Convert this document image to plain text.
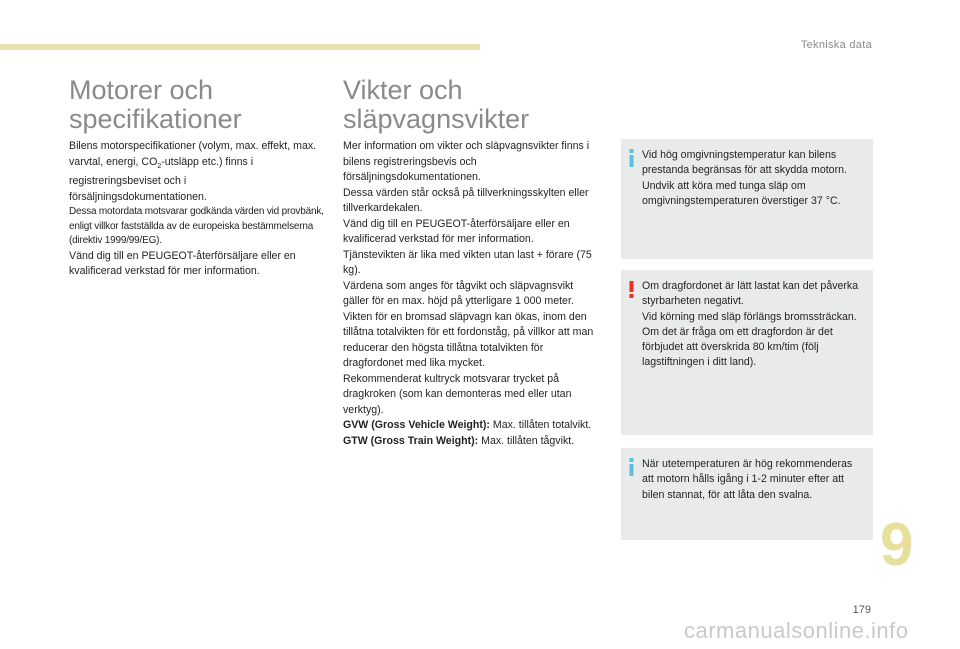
Tekniska data
Motorer och
specifikationer

Bilens motorspecifikationer (volym, max. effekt, max. varvtal, energi, $CO_2$-utsläpp etc.) finns i registreringsbeviset och i försäljningsdokumentationen.

Dessa motordata motsvarar godkända värden vid provbänk, enligt villkor fastställda av de europeiska bestämmelserna (direktiv 1999/99/EG).

Vänd dig till en PEUGEOT-återförsäljare eller en kvalificerad verkstad för mer information.

Vikter och
släpvagnsvikter

Mer information om vikter och släpvagnsvikter finns i bilens registreringsbevis och försäljningsdokumentationen.

Dessa värden står också på tillverkningsskylten eller tillverkardekalen.

Vänd dig till en PEUGEOT-återförsäljare eller en kvalificerad verkstad för mer information.

Tjänstevikten är lika med vikten utan last + förare (75 kg).

Värdena som anges för tågvikt och släpvagnsvikt gäller för en max. höjd på ytterligare 1 000 meter.

Vikten för en bromsad släpvagn kan ökas, inom den tillåtna totalvikten för ett fordonståg, på villkor att man reducerar den högsta tillåtna totalvikten för dragfordonet med lika mycket.

Rekommenderat kultryck motsvarar trycket på dragkroken (som kan demonteras med eller utan verktyg).

GVW (Gross Vehicle Weight): Max. tillåten totalvikt.

GTW (Gross Train Weight): Max. tillåten tågvikt.

Vid hög omgivningstemperatur kan bilens prestanda begränsas för att skydda motorn. Undvik att köra med tunga släp om omgivningstemperaturen överstiger 37 °C.

Om dragfordonet är lätt lastat kan det påverka styrbarheten negativt.

Vid körning med släp förlängs bromssträckan.

Om det är fråga om ett dragfordon är det förbjudet att överskrida 80 km/tim (följ lagstiftningen i ditt land).

När utetemperaturen är hög rekommenderas att motorn hålls igång i 1-2 minuter efter att bilen stannat, för att låta den svalna.

9
179
carmanualsonline.info
